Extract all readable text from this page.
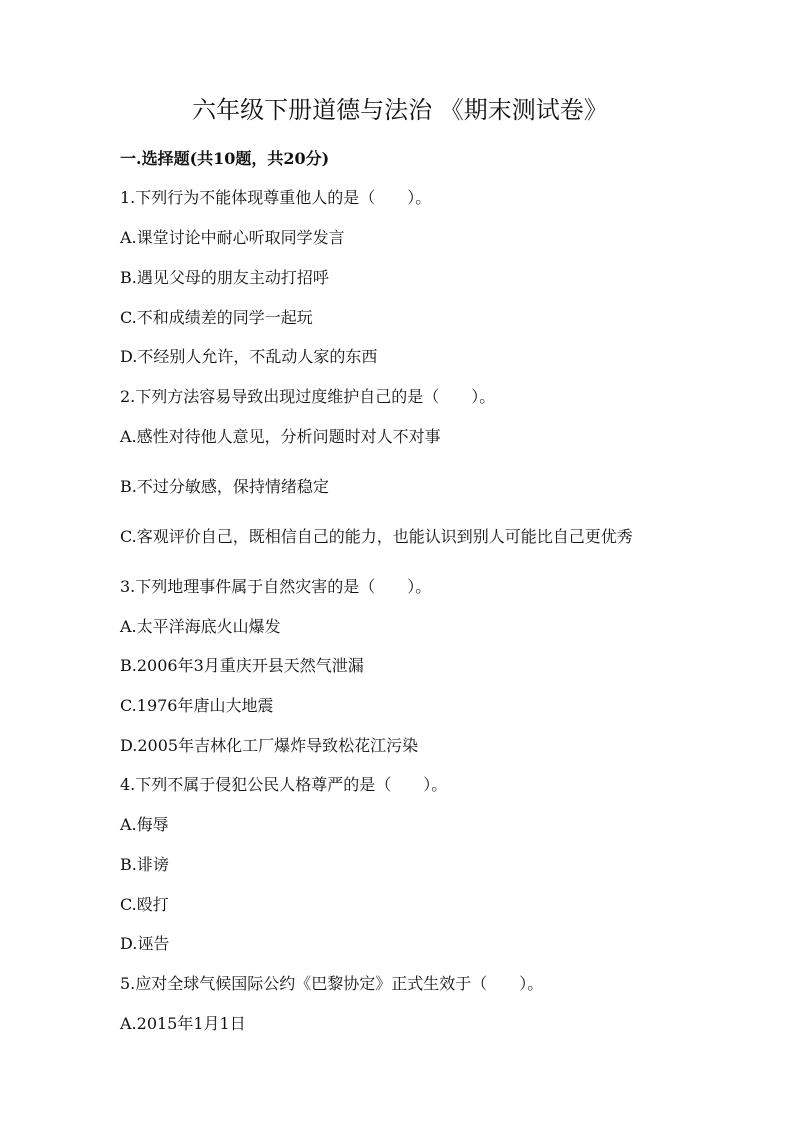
六年级下册道德与法治 《期末测试卷》
一.选择题(共10题，共20分)
1.下列行为不能体现尊重他人的是（　　）。
A.课堂讨论中耐心听取同学发言
B.遇见父母的朋友主动打招呼
C.不和成绩差的同学一起玩
D.不经别人允许，不乱动人家的东西
2.下列方法容易导致出现过度维护自己的是（　　）。
A.感性对待他人意见，分析问题时对人不对事
B.不过分敏感，保持情绪稳定
C.客观评价自己，既相信自己的能力，也能认识到别人可能比自己更优秀
3.下列地理事件属于自然灾害的是（　　）。
A.太平洋海底火山爆发
B.2006年3月重庆开县天然气泄漏
C.1976年唐山大地震
D.2005年吉林化工厂爆炸导致松花江污染
4.下列不属于侵犯公民人格尊严的是（　　）。
A.侮辱
B.诽谤
C.殴打
D.诬告
5.应对全球气候国际公约《巴黎协定》正式生效于（　　）。
A.2015年1月1日
